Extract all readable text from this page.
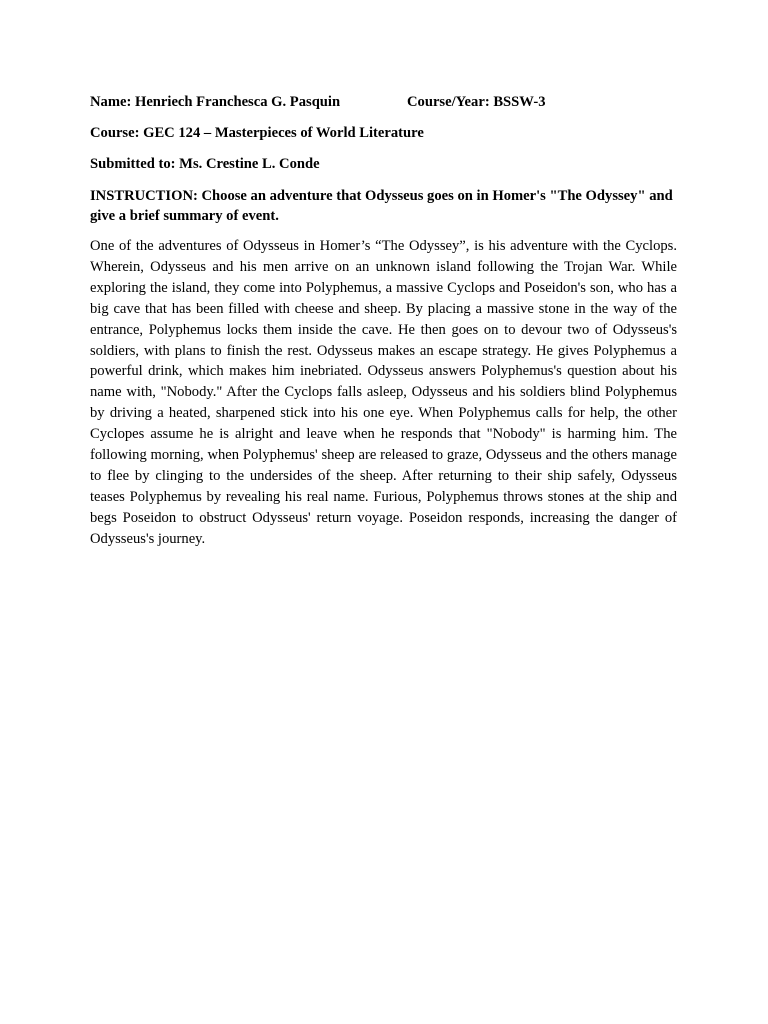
Name: Henriech Franchesca G. Pasquin	Course/Year: BSSW-3
Course: GEC 124 – Masterpieces of World Literature
Submitted to: Ms. Crestine L. Conde

INSTRUCTION: Choose an adventure that Odysseus goes on in Homer's "The Odyssey" and give a brief summary of event.

One of the adventures of Odysseus in Homer’s “The Odyssey”, is his adventure with the Cyclops. Wherein, Odysseus and his men arrive on an unknown island following the Trojan War. While exploring the island, they come into Polyphemus, a massive Cyclops and Poseidon's son, who has a big cave that has been filled with cheese and sheep. By placing a massive stone in the way of the entrance, Polyphemus locks them inside the cave. He then goes on to devour two of Odysseus's soldiers, with plans to finish the rest. Odysseus makes an escape strategy. He gives Polyphemus a powerful drink, which makes him inebriated. Odysseus answers Polyphemus's question about his name with, "Nobody." After the Cyclops falls asleep, Odysseus and his soldiers blind Polyphemus by driving a heated, sharpened stick into his one eye. When Polyphemus calls for help, the other Cyclopes assume he is alright and leave when he responds that "Nobody" is harming him. The following morning, when Polyphemus' sheep are released to graze, Odysseus and the others manage to flee by clinging to the undersides of the sheep. After returning to their ship safely, Odysseus teases Polyphemus by revealing his real name. Furious, Polyphemus throws stones at the ship and begs Poseidon to obstruct Odysseus' return voyage. Poseidon responds, increasing the danger of Odysseus's journey.
